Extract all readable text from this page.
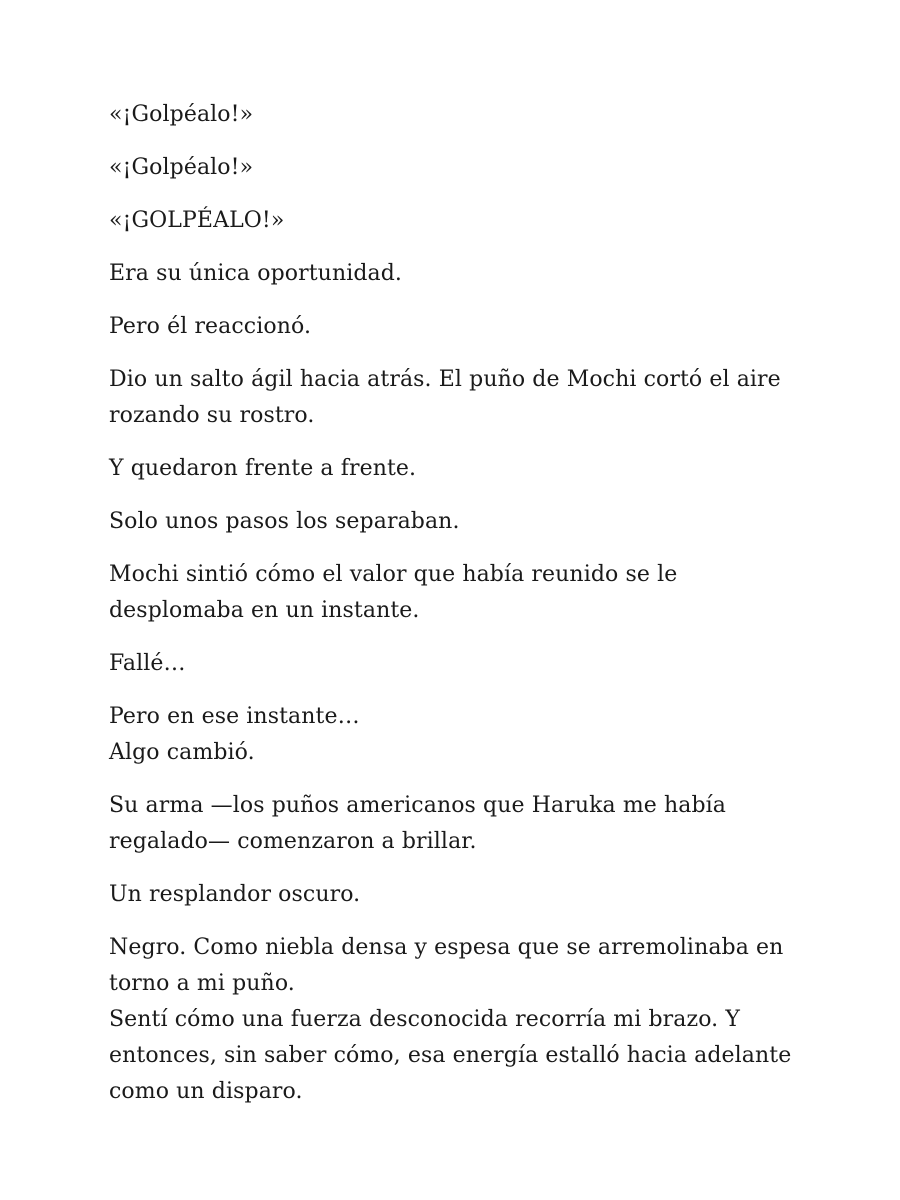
«¡Golpéalo!»

«¡Golpéalo!»

«¡GOLPÉALO!»

Era su única oportunidad.

Pero él reaccionó.

Dio un salto ágil hacia atrás. El puño de Mochi cortó el aire rozando su rostro.

Y quedaron frente a frente.

Solo unos pasos los separaban.

Mochi sintió cómo el valor que había reunido se le desplomaba en un instante.

Fallé…

Pero en ese instante…
Algo cambió.

Su arma —los puños americanos que Haruka me había regalado— comenzaron a brillar.

Un resplandor oscuro.

Negro. Como niebla densa y espesa que se arremolinaba en torno a mi puño.
Sentí cómo una fuerza desconocida recorría mi brazo. Y entonces, sin saber cómo, esa energía estalló hacia adelante como un disparo.
